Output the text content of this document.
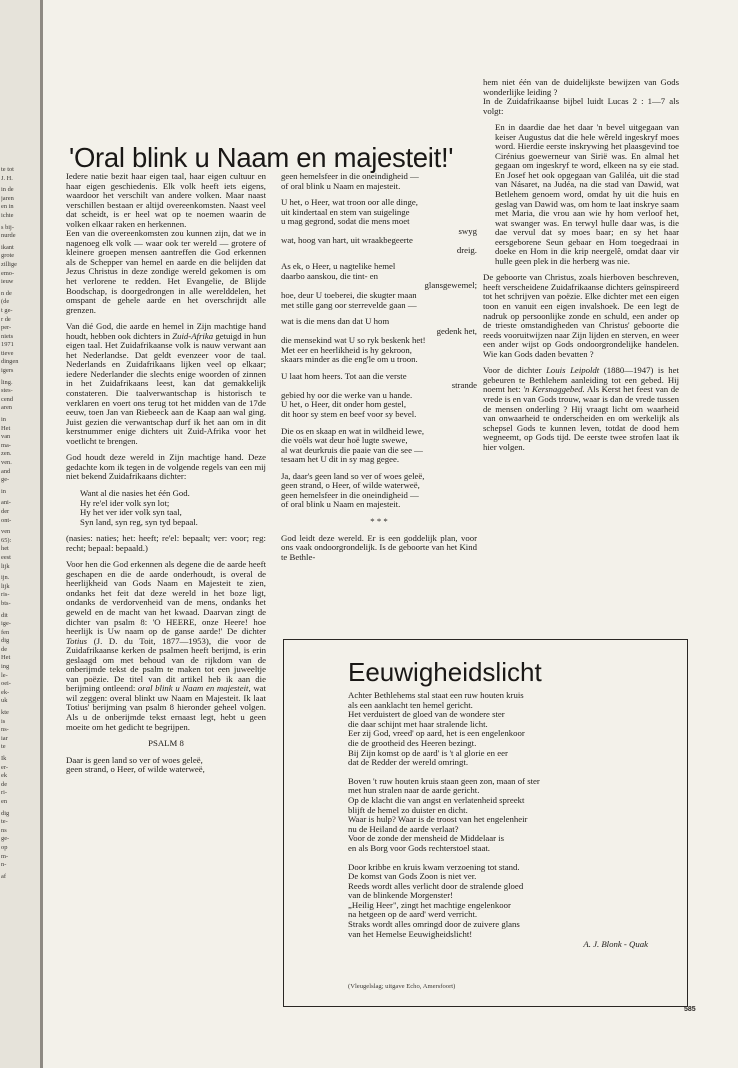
te tot
J. H.
in de
jaren
en in
ichte
s bij-
nurde
ikant
grote
zillige
emo-
ieuw
n de
(de
t ge-
r de
per-
niets
1971
tieve
dingen
igers
ling.
stes-
cend
aren
in
Het
van
ma-
zen.
ven.
and
ge-
in
ani-
der
ont-
ven
65):
het
eest
lijk
ijn.
lijk
ris-
bts-
dit
ige-
fen
dig
de
Het
ing
le-
oei-
ek-
uk
kte
is
ns-
iar
te
Ik
er-
ek
de
ri-
en
dig
te-
ns
ge-
op
m-
n-
af
'Oral blink u Naam en majesteit!'

Iedere natie bezit haar eigen taal, haar eigen cultuur en haar eigen geschiedenis. Elk volk heeft iets eigens, waardoor het verschilt van andere volken. Maar naast verschillen bestaan er altijd overeenkomsten. Naast veel dat scheidt, is er heel wat op te noemen waarin de volken elkaar raken en herkennen.

Een van die overeenkomsten zou kunnen zijn, dat we in nagenoeg elk volk — waar ook ter wereld — grotere of kleinere groepen mensen aantreffen die God erkennen als de Schepper van hemel en aarde en die belijden dat Jezus Christus in deze zondige wereld gekomen is om het verlorene te redden. Het Evangelie, de Blijde Boodschap, is doorgedrongen in alle werelddelen, het omspant de gehele aarde en het overschrijdt alle grenzen.

Van dié God, die aarde en hemel in Zijn machtige hand houdt, hebben ook dichters in Zuid-Afrika getuigd in hun eigen taal. Het Zuidafrikaanse volk is nauw verwant aan het Nederlandse. Dat geldt evenzeer voor de taal. Nederlands en Zuidafrikaans lijken veel op elkaar; iedere Nederlander die slechts enige woorden of zinnen in het Zuidafrikaans leest, kan dat gemakkelijk constateren. Die taalverwantschap is historisch te verklaren en voert ons terug tot het midden van de 17de eeuw, toen Jan van Riebeeck aan de Kaap aan wal ging. Juist gezien die verwantschap durf ik het aan om in dit kerstnummer enige dichters uit Zuid-Afrika voor het voetlicht te brengen.

God houdt deze wereld in Zijn machtige hand. Deze gedachte kom ik tegen in de volgende regels van een mij niet bekend Zuidafrikaans dichter:

Want al die nasies het één God.
Hy re'el ider volk syn lot;
Hy het ver ider volk syn taal,
Syn land, syn reg, syn tyd bepaal.

(nasies: naties; het: heeft; re'el: bepaalt; ver: voor; reg: recht; bepaal: bepaald.)

Voor hen die God erkennen als degene die de aarde heeft geschapen en die de aarde onderhoudt, is overal de heerlijkheid van Gods Naam en Majesteit te zien, ondanks het feit dat deze wereld in het boze ligt, ondanks de verdorvenheid van de mens, ondanks het geweld en de macht van het kwaad. Daarvan zingt de dichter van psalm 8: 'O HEERE, onze Heere! hoe heerlijk is Uw naam op de ganse aarde!' De dichter Totius (J. D. du Toit, 1877—1953), die voor de Zuidafrikaanse kerken de psalmen heeft berijmd, is erin geslaagd om met behoud van de rijkdom van de onberijmde tekst de psalm te maken tot een juweeltje van poëzie. De titel van dit artikel heb ik aan die berijming ontleend: oral blink u Naam en majesteit, wat wil zeggen: overal blinkt uw Naam en Majesteit. Ik laat Totius' berijming van psalm 8 hieronder geheel volgen. Als u de onberijmde tekst ernaast legt, hebt u geen moeite om het gedicht te begrijpen.

PSALM 8

Daar is geen land so ver of woes geleë,
geen strand, o Heer, of wilde waterweë,
geen hemelsfeer in die oneindigheid —
of oral blink u Naam en majesteit.
U het, o Heer, wat troon oor alle dinge,
uit kindertaal en stem van suigelinge
u mag gegrond, sodat die mens moet
swyg
wat, hoog van hart, uit wraakbegeerte
dreig.
As ek, o Heer, u nagtelike hemel
daarbo aanskou, die tint- en
glansgewemel;
hoe, deur U toeberei, die skugter maan
met stille gang oor sterrevelde gaan —
wat is die mens dan dat U hom
gedenk het,
die mensekind wat U so ryk beskenk het!
Met eer en heerlikheid is hy gekroon,
skaars minder as die eng'le om u troon.
U laat hom heers. Tot aan die verste
strande
gebied hy oor die werke van u hande.
U het, o Heer, dit onder hom gestel,
dit hoor sy stem en beef voor sy bevel.
Die os en skaap en wat in wildheid lewe,
die voëls wat deur hoë lugte swewe,
al wat deurkruis die paaie van die see —
tesaam het U dit in sy mag gegee.
Ja, daar's geen land so ver of woes geleë,
geen strand, o Heer, of wilde waterweë,
geen hemelsfeer in die oneindigheid —
of oral blink u Naam en majesteit.

* * *

God leidt deze wereld. Er is een goddelijk plan, voor ons vaak ondoorgrondelijk. Is de geboorte van het Kind te Bethle-

hem niet één van de duidelijkste bewijzen van Gods wonderlijke leiding ?

In de Zuidafrikaanse bijbel luidt Lucas 2 : 1—7 als volgt:

En in daardie dae het daar 'n bevel uitgegaan van keiser Augustus dat die hele wêreld ingeskryf moes word. Hierdie eerste inskrywing het plaasgevind toe Cirénius goewerneur van Sirië was. En almal het gegaan om ingeskryf te word, elkeen na sy eie stad. En Josef het ook opgegaan van Galiléa, uit die stad van Násaret, na Judéa, na die stad van Dawid, wat Betlehem genoem word, omdat hy uit die huis en geslag van Dawid was, om hom te laat inskrye saam met Maria, die vrou aan wie hy hom verloof het, wat swanger was. En terwyl hulle daar was, is die dae vervul dat sy moes baar; en sy het haar eersgeborene Seun gebaar en Hom toegedraai in doeke en Hom in die krip neergelê, omdat daar vir hulle geen plek in die herberg was nie.

De geboorte van Christus, zoals hierboven beschreven, heeft verscheidene Zuidafrikaanse dichters geïnspireerd tot het schrijven van poëzie. Elke dichter met een eigen toon en vanuit een eigen invalshoek. De een legt de nadruk op persoonlijke zonde en schuld, een ander op de trieste omstandigheden van Christus' geboorte die reeds vooruitwijzen naar Zijn lijden en sterven, en weer een ander wijst op Gods ondoorgrondelijke handelen. Wie kan Gods daden bevatten ?

Voor de dichter Louis Leipoldt (1880—1947) is het gebeuren te Bethlehem aanleiding tot een gebed. Hij noemt het: 'n Kersnaggebed. Als Kerst het feest van de vrede is en van Gods trouw, waar is dan de vrede tussen de mensen onderling ? Hij vraagt licht om waarheid van onwaarheid te onderscheiden en om werkelijk als schepsel Gods te kunnen leven, totdat de dood hem wegneemt, op Gods tijd. De eerste twee strofen laat ik hier volgen.

Eeuwigheidslicht
Achter Bethlehems stal staat een ruw houten kruis
als een aanklacht ten hemel gericht.
Het verduistert de gloed van de wondere ster
die daar schijnt met haar stralende licht.
Eer zij God, vreed' op aard, het is een engelenkoor
die de grootheid des Heeren bezingt.
Bij Zijn komst op de aard' is 't al glorie en eer
dat de Redder der wereld omringt.
Boven 't ruw houten kruis staan geen zon, maan of ster
met hun stralen naar de aarde gericht.
Op de klacht die van angst en verlatenheid spreekt
blijft de hemel zo duister en dicht.
Waar is hulp? Waar is de troost van het engelenheir
nu de Heiland de aarde verlaat?
Voor de zonde der mensheid de Middelaar is
en als Borg voor Gods rechterstoel staat.
Door kribbe en kruis kwam verzoening tot stand.
De komst van Gods Zoon is niet ver.
Reeds wordt alles verlicht door de stralende gloed
van de blinkende Morgenster!
„Heilig Heer", zingt het machtige engelenkoor
na hetgeen op de aard' werd verricht.
Straks wordt alles omringd door de zuivere glans
van het Hemelse Eeuwigheidslicht!
A. J. Blonk - Quak
(Vleugelslag; uitgave Echo, Amersfoort)
585
